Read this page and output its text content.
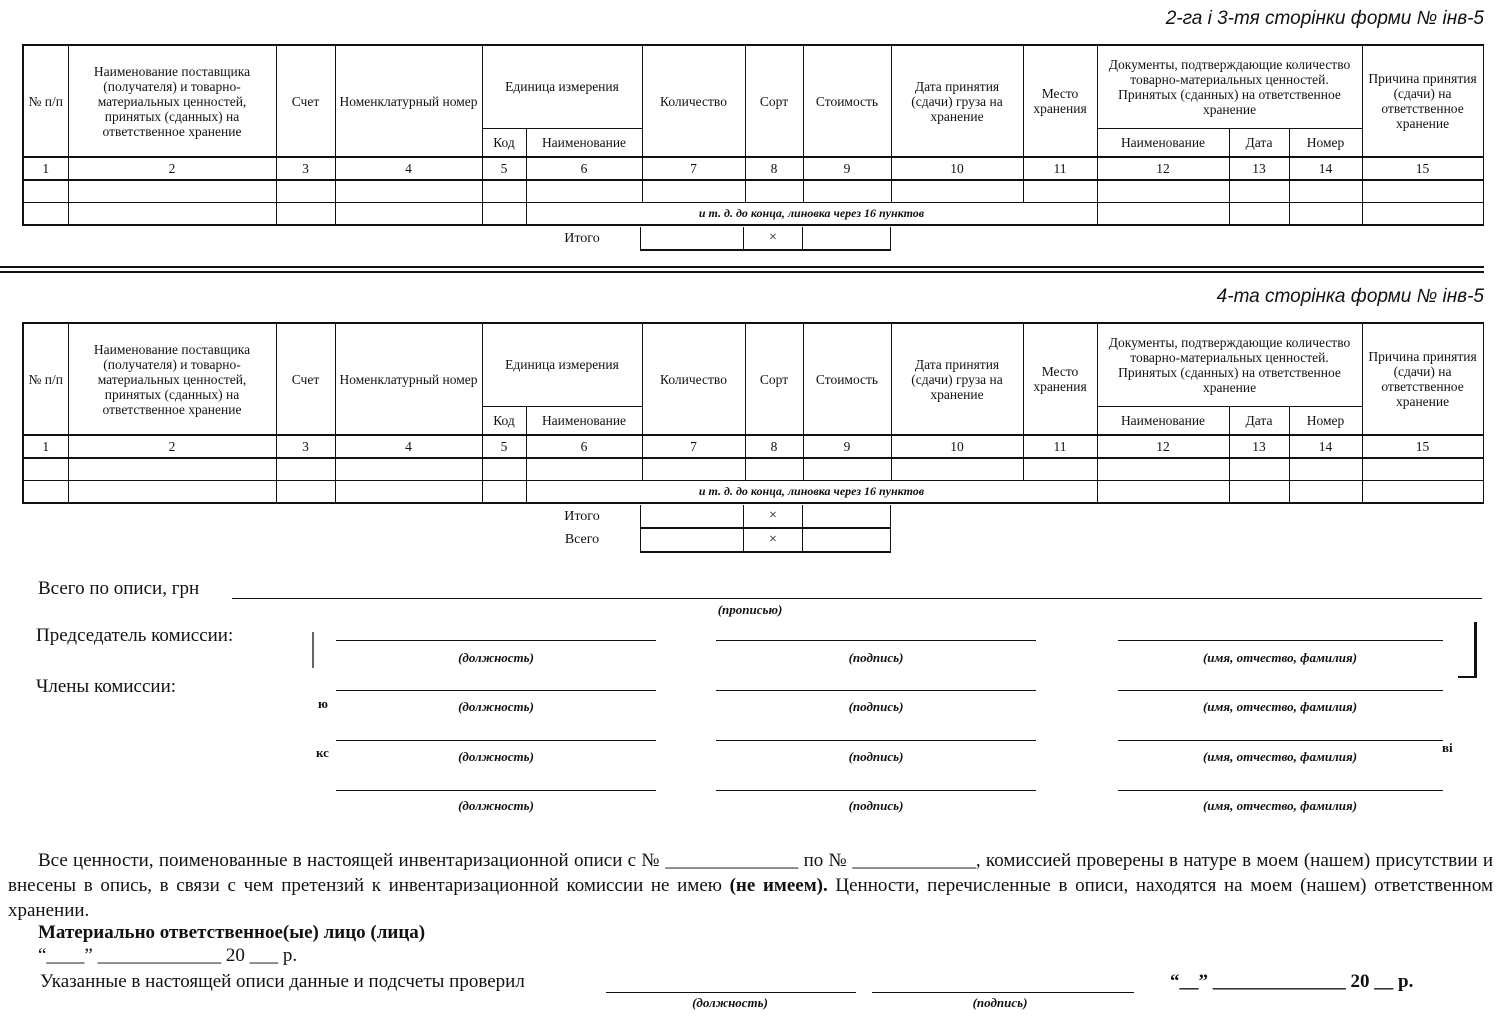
2-га і 3-тя сторінки форми № інв-5
№ п/п	Наименование поставщика (получателя) и товарно-материальных ценностей, принятых (сданных) на ответственное хранение	Счет	Номенклатурный номер	Единица измерения		Количество	Сорт	Стоимость	Дата принятия (сдачи) груза на хранение	Место хранения	Документы, подтверждающие количество товарно-материальных ценностей. Принятых (сданных) на ответственное хранение			Причина принятия (сдачи) на ответственное хранение
				Код	Наименование						Наименование	Дата	Номер	
1	2	3	4	5	6	7	8	9	10	11	12	13	14	15

					и т. д. до конца, линовка через 16 пунктов									
Итого		×	
4-та сторінка форми № інв-5
№ п/п	Наименование поставщика (получателя) и товарно-материальных ценностей, принятых (сданных) на ответственное хранение	Счет	Номенклатурный номер	Единица измерения		Количество	Сорт	Стоимость	Дата принятия (сдачи) груза на хранение	Место хранения	Документы, подтверждающие количество товарно-материальных ценностей. Принятых (сданных) на ответственное хранение			Причина принятия (сдачи) на ответственное хранение
				Код	Наименование						Наименование	Дата	Номер	
1	2	3	4	5	6	7	8	9	10	11	12	13	14	15

					и т. д. до конца, линовка через 16 пунктов									
Итого		×	
Всего		×	
Всего по описи, грн
(прописью)
Председатель комиссии:
(должность)	(подпись)	(имя, отчество, фамилия)
Члены комиссии:
(должность)	(подпись)	(имя, отчество, фамилия)
(должность)	(подпись)	(имя, отчество, фамилия)
(должность)	(подпись)	(имя, отчество, фамилия)
ю
кс	ві
Все ценности, поименованные в настоящей инвентаризационной описи с № ______________ по № _____________, комиссией проверены в натуре в моем (нашем) присутствии и внесены в опись, в связи с чем претензий к инвентаризационной комиссии не имею (не имеем). Ценности, перечисленные в описи, находятся на моем (нашем) ответственном хранении.
Материально ответственное(ые) лицо (лица)
“____” _____________ 20 ___ р.
Указанные в настоящей описи данные и подсчеты проверил
(должность)	(подпись)
“__” ______________ 20 __ р.
